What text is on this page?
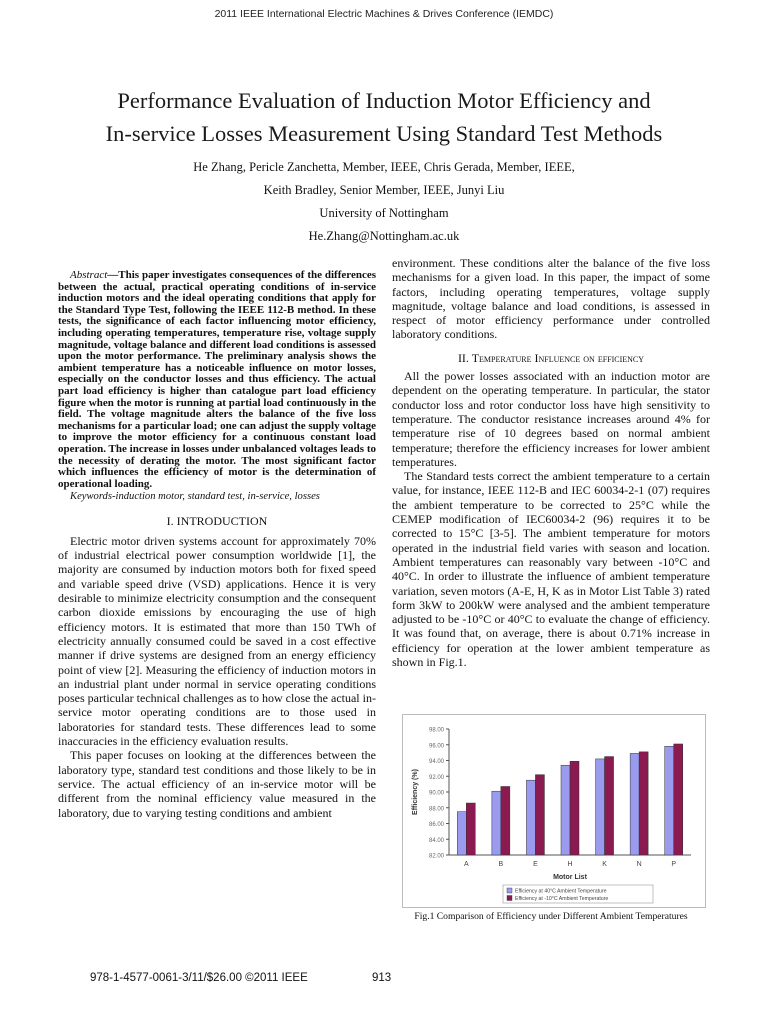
2011 IEEE International Electric Machines & Drives Conference (IEMDC)
Performance Evaluation of Induction Motor Efficiency and
In-service Losses Measurement Using Standard Test Methods
He Zhang, Pericle Zanchetta, Member, IEEE, Chris Gerada, Member, IEEE,
Keith Bradley, Senior Member, IEEE, Junyi Liu
University of Nottingham
He.Zhang@Nottingham.ac.uk

Abstract—This paper investigates consequences of the differences between the actual, practical operating conditions of in-service induction motors and the ideal operating conditions that apply for the Standard Type Test, following the IEEE 112-B method. In these tests, the significance of each factor influencing motor efficiency, including operating temperatures, temperature rise, voltage supply magnitude, voltage balance and different load conditions is assessed upon the motor performance. The preliminary analysis shows the ambient temperature has a noticeable influence on motor losses, especially on the conductor losses and thus efficiency. The actual part load efficiency is higher than catalogue part load efficiency figure when the motor is running at partial load continuously in the field. The voltage magnitude alters the balance of the five loss mechanisms for a particular load; one can adjust the supply voltage to improve the motor efficiency for a continuous constant load operation. The increase in losses under unbalanced voltages leads to the necessity of derating the motor. The most significant factor which influences the efficiency of motor is the determination of operational loading.

Keywords-induction motor, standard test, in-service, losses

I. INTRODUCTION

Electric motor driven systems account for approximately 70% of industrial electrical power consumption worldwide [1], the majority are consumed by induction motors both for fixed speed and variable speed drive (VSD) applications. Hence it is very desirable to minimize electricity consumption and the consequent carbon dioxide emissions by encouraging the use of high efficiency motors. It is estimated that more than 150 TWh of electricity annually consumed could be saved in a cost effective manner if drive systems are designed from an energy efficiency point of view [2]. Measuring the efficiency of induction motors in an industrial plant under normal in service operating conditions poses particular technical challenges as to how close the actual in-service motor operating conditions are to those used in laboratories for standard tests. These differences lead to some inaccuracies in the efficiency evaluation results.

This paper focuses on looking at the differences between the laboratory type, standard test conditions and those likely to be in service. The actual efficiency of an in-service motor will be different from the nominal efficiency value measured in the laboratory, due to varying testing conditions and ambient

environment. These conditions alter the balance of the five loss mechanisms for a given load. In this paper, the impact of some factors, including operating temperatures, voltage supply magnitude, voltage balance and load conditions, is assessed in respect of motor efficiency performance under controlled laboratory conditions.

II. Temperature Influence on efficiency

All the power losses associated with an induction motor are dependent on the operating temperature. In particular, the stator conductor loss and rotor conductor loss have high sensitivity to temperature. The conductor resistance increases around 4% for temperature rise of 10 degrees based on normal ambient temperature; therefore the efficiency increases for lower ambient temperatures.

The Standard tests correct the ambient temperature to a certain value, for instance, IEEE 112-B and IEC 60034-2-1 (07) requires the ambient temperature to be corrected to 25°C while the CEMEP modification of IEC60034-2 (96) requires it to be corrected to 15°C [3-5]. The ambient temperature for motors operated in the industrial field varies with season and location. Ambient temperatures can reasonably vary between -10°C and 40°C. In order to illustrate the influence of ambient temperature variation, seven motors (A-E, H, K as in Motor List Table 3) rated form 3kW to 200kW were analysed and the ambient temperature adjusted to be -10°C or 40°C to evaluate the change of efficiency. It was found that, on average, there is about 0.71% increase in efficiency for operation at the lower ambient temperature as shown in Fig.1.

82.00
84.00
86.00
88.00
90.00
92.00
94.00
96.00
98.00
A	B	E	H	K	N	P
Motor List
Efficiency (%)
Efficiency at 40°C Ambient Temperature
Efficiency at -10°C Ambient Temperature
Fig.1 Comparison of Efficiency under Different Ambient Temperatures
978-1-4577-0061-3/11/$26.00 ©2011 IEEE	913
